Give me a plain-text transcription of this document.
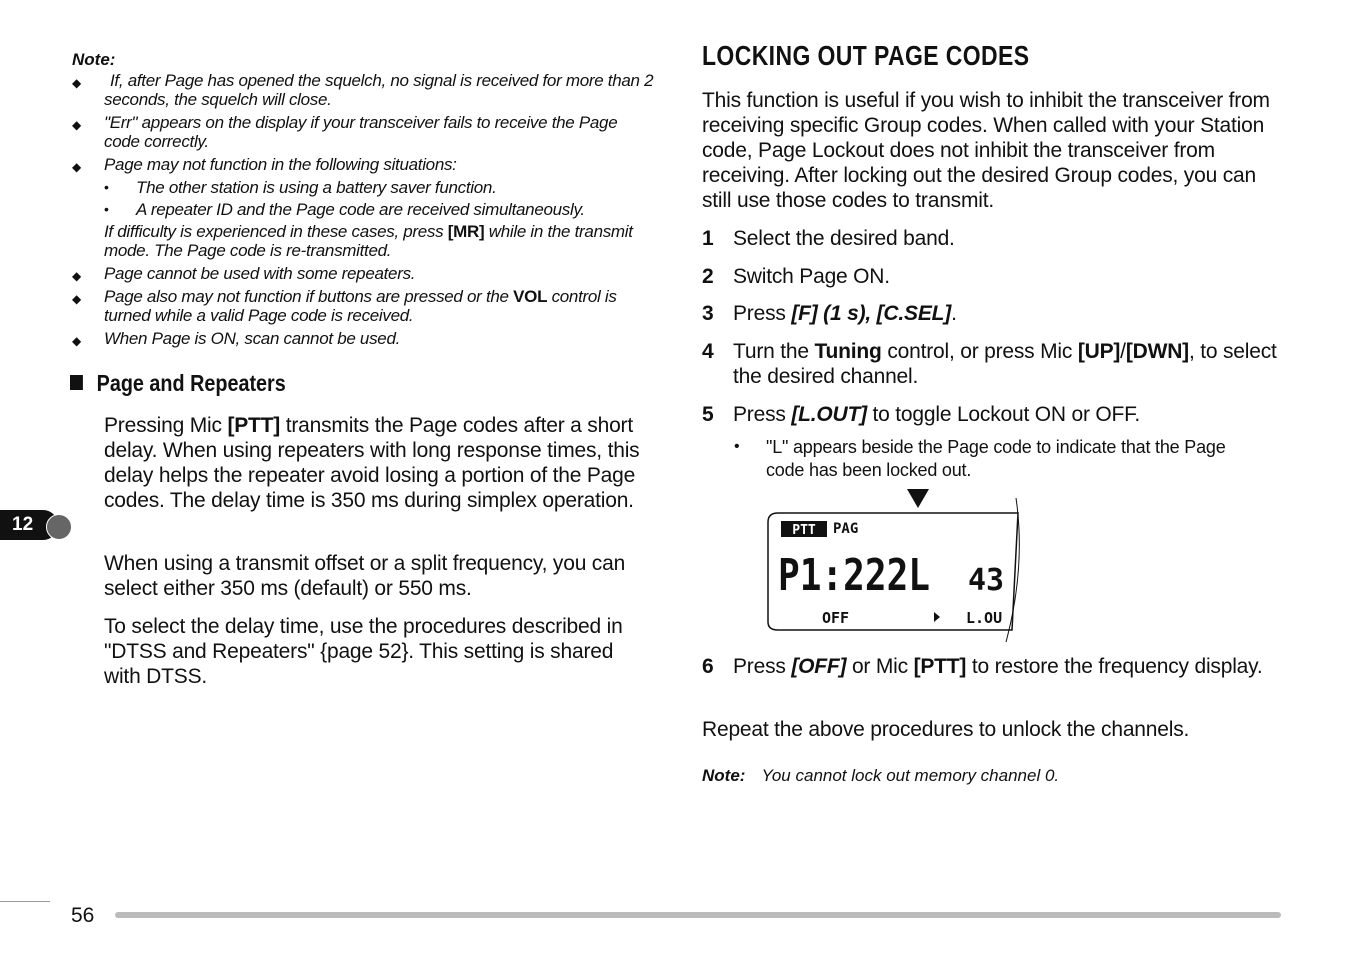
Note:
◆	If, after Page has opened the squelch, no signal is received for more than 2 seconds, the squelch will close.
◆ "Err" appears on the display if your transceiver fails to receive the Page code correctly.
◆ Page may not function in the following situations:
• The other station is using a battery saver function.
• A repeater ID and the Page code are received simultaneously.
If difficulty is experienced in these cases, press [MR] while in the transmit mode. The Page code is re-transmitted.
◆ Page cannot be used with some repeaters.
◆ Page also may not function if buttons are pressed or the VOL control is turned while a valid Page code is received.
◆ When Page is ON, scan cannot be used.
Page and Repeaters
Pressing Mic [PTT] transmits the Page codes after a short delay. When using repeaters with long response times, this delay helps the repeater avoid losing a portion of the Page codes. The delay time is 350 ms during simplex operation.
When using a transmit offset or a split frequency, you can select either 350 ms (default) or 550 ms.
To select the delay time, use the procedures described in "DTSS and Repeaters" {page 52}. This setting is shared with DTSS.
LOCKING OUT PAGE CODES
This function is useful if you wish to inhibit the transceiver from receiving specific Group codes. When called with your Station code, Page Lockout does not inhibit the transceiver from receiving. After locking out the desired Group codes, you can still use those codes to transmit.
1 Select the desired band.
2 Switch Page ON.
3 Press [F] (1 s), [C.SEL].
4 Turn the Tuning control, or press Mic [UP]/[DWN], to select the desired channel.
5 Press [L.OUT] to toggle Lockout ON or OFF.
• "L" appears beside the Page code to indicate that the Page code has been locked out.
PTT PAG
P1:222L 43
OFF	L.OU
6 Press [OFF] or Mic [PTT] to restore the frequency display.
Repeat the above procedures to unlock the channels.
Note: You cannot lock out memory channel 0.
12
56
